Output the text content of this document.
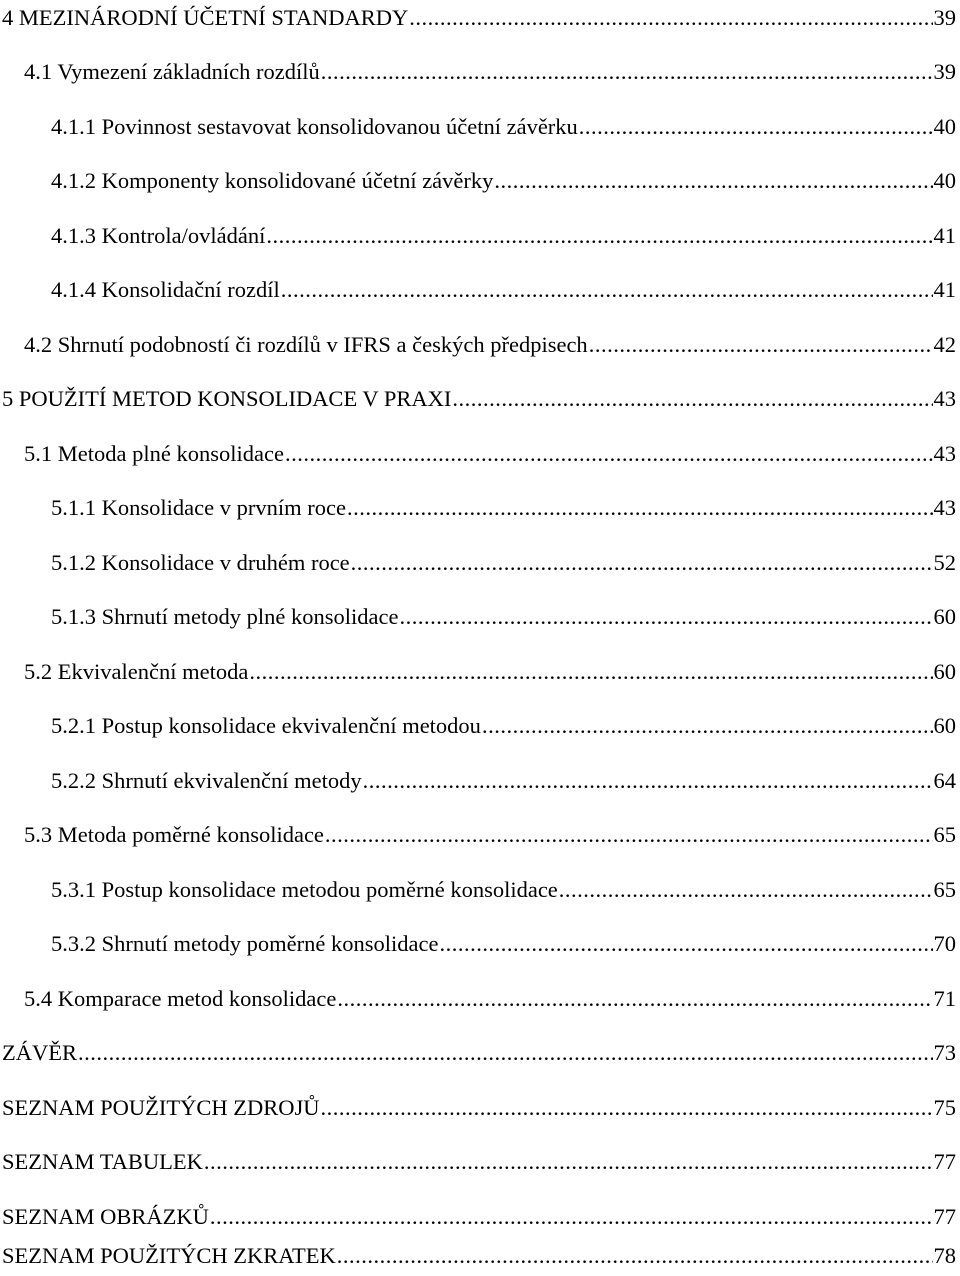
4 MEZINÁRODNÍ ÚČETNÍ STANDARDY .....	39
4.1 Vymezení základních rozdílů .....	39
4.1.1 Povinnost sestavovat konsolidovanou účetní závěrku .....	40
4.1.2 Komponenty konsolidované účetní závěrky .....	40
4.1.3 Kontrola/ovládání .....	41
4.1.4 Konsolidační rozdíl .....	41
4.2 Shrnutí podobností či rozdílů v IFRS a českých předpisech .....	42
5 POUŽITÍ METOD KONSOLIDACE V PRAXI .....	43
5.1 Metoda plné konsolidace .....	43
5.1.1 Konsolidace v prvním roce .....	43
5.1.2 Konsolidace v druhém roce .....	52
5.1.3 Shrnutí metody plné konsolidace .....	60
5.2 Ekvivalenční metoda .....	60
5.2.1 Postup konsolidace ekvivalenční metodou .....	60
5.2.2 Shrnutí ekvivalenční metody .....	64
5.3 Metoda poměrné konsolidace .....	65
5.3.1 Postup konsolidace metodou poměrné konsolidace .....	65
5.3.2 Shrnutí metody poměrné konsolidace .....	70
5.4 Komparace metod konsolidace .....	71
ZÁVĚR .....	73
SEZNAM POUŽITÝCH ZDROJŮ .....	75
SEZNAM TABULEK .....	77
SEZNAM OBRÁZKŮ .....	77
SEZNAM POUŽITÝCH ZKRATEK .....	78
